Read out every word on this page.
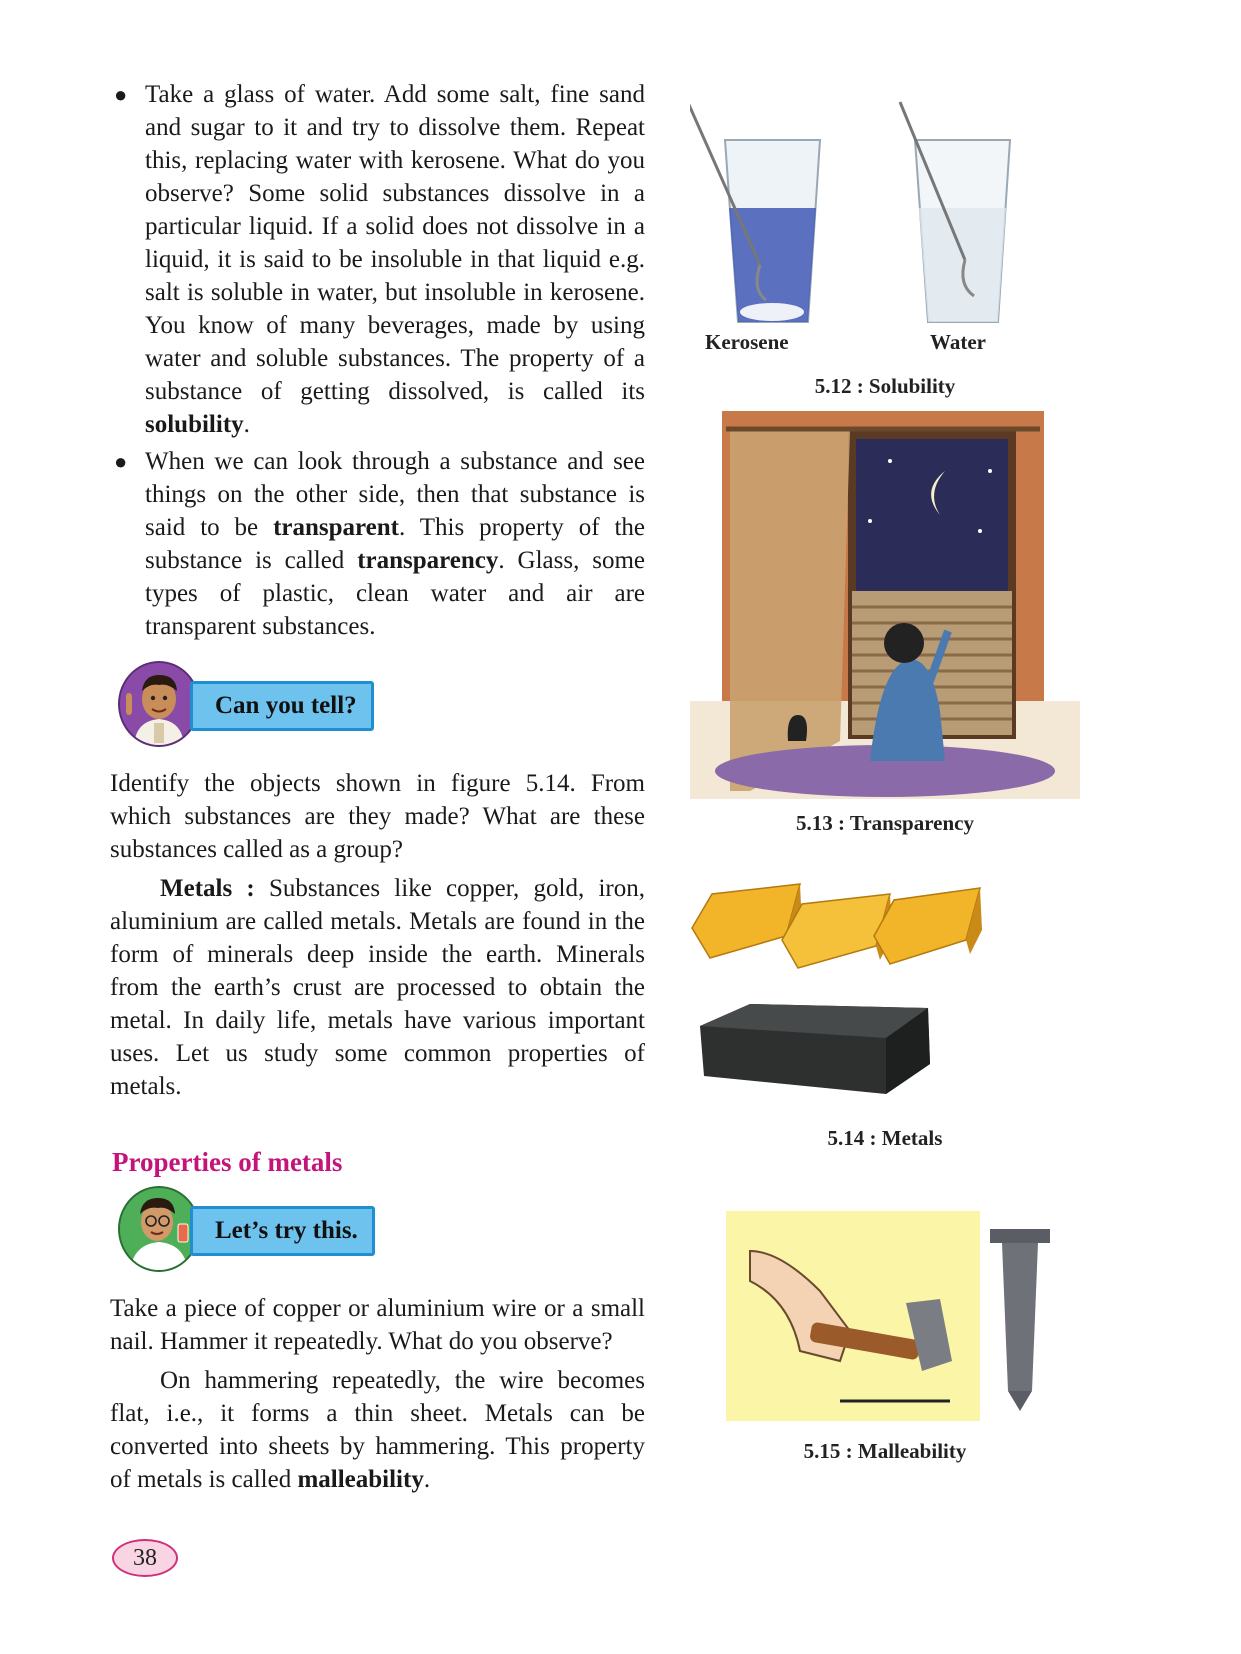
● Take a glass of water. Add some salt, fine sand and sugar to it and try to dissolve them. Repeat this, replacing water with kerosene. What do you observe? Some solid substances dissolve in a particular liquid. If a solid does not dissolve in a liquid, it is said to be insoluble in that liquid e.g. salt is soluble in water, but insoluble in kerosene. You know of many beverages, made by using water and soluble substances. The property of a substance of getting dissolved, is called its solubility.
● When we can look through a substance and see things on the other side, then that substance is said to be transparent. This property of the substance is called transparency. Glass, some types of plastic, clean water and air are transparent substances.
Can you tell?

Identify the objects shown in figure 5.14. From which substances are they made? What are these substances called as a group?

Metals : Substances like copper, gold, iron, aluminium are called metals. Metals are found in the form of minerals deep inside the earth. Minerals from the earth’s crust are processed to obtain the metal. In daily life, metals have various important uses. Let us study some common properties of metals.

Properties of metals
Let’s try this.

Take a piece of copper or aluminium wire or a small nail. Hammer it repeatedly. What do you observe?

On hammering repeatedly, the wire becomes flat, i.e., it forms a thin sheet. Metals can be converted into sheets by hammering. This property of metals is called malleability.

Kerosene	Water
5.12 : Solubility
5.13 : Transparency
5.14 : Metals
5.15 : Malleability
38
